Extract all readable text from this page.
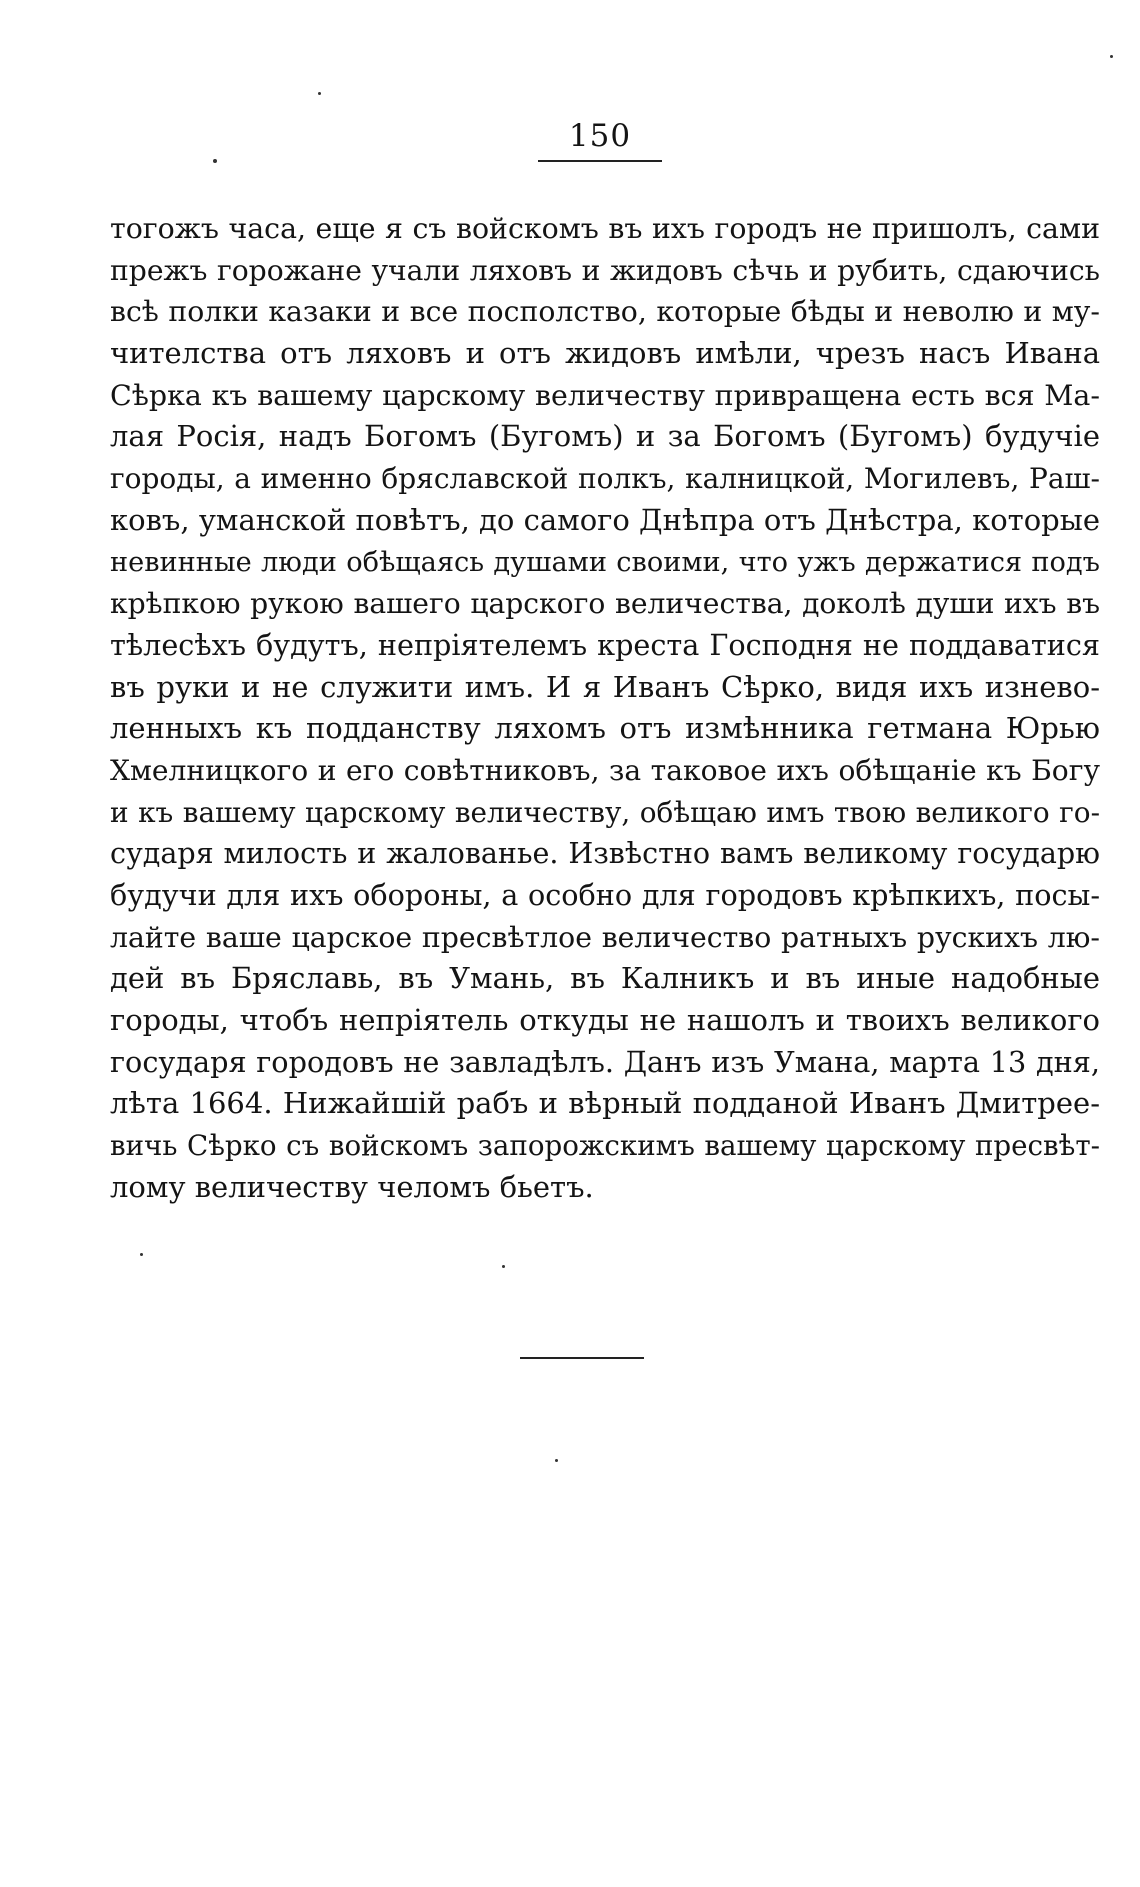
150
тогожъ часа, еще я съ войскомъ въ ихъ городъ не пришолъ, сами
прежъ горожане учали ляховъ и жидовъ сѣчь и рубить, сдаючись
всѣ полки казаки и все посполство, которые бѣды и неволю и му-
чителства отъ ляховъ и отъ жидовъ имѣли, чрезъ насъ Ивана
Сѣрка къ вашему царскому величеству привращена есть вся Ма-
лая Росія, надъ Богомъ (Бугомъ) и за Богомъ (Бугомъ) будучіе
городы, а именно бряславской полкъ, калницкой, Могилевъ, Раш-
ковъ, уманской повѣтъ, до самого Днѣпра отъ Днѣстра, которые
невинные люди обѣщаясь душами своими, что ужъ держатися подъ
крѣпкою рукою вашего царского величества, доколѣ души ихъ въ
тѣлесѣхъ будутъ, непріятелемъ креста Господня не поддаватися
въ руки и не служити имъ. И я Иванъ Сѣрко, видя ихъ изнево-
ленныхъ къ подданству ляхомъ отъ измѣнника гетмана Юрью
Хмелницкого и его совѣтниковъ, за таковое ихъ обѣщаніе къ Богу
и къ вашему царскому величеству, обѣщаю имъ твою великого го-
сударя милость и жалованье. Извѣстно вамъ великому государю
будучи для ихъ обороны, а особно для городовъ крѣпкихъ, посы-
лайте ваше царское пресвѣтлое величество ратныхъ рускихъ лю-
дей въ Бряславь, въ Умань, въ Калникъ и въ иные надобные
городы, чтобъ непріятель откуды не нашолъ и твоихъ великого
государя городовъ не завладѣлъ. Данъ изъ Умана, марта 13 дня,
лѣта 1664. Нижайшій рабъ и вѣрный подданой Иванъ Дмитрее-
вичь Сѣрко съ войскомъ запорожскимъ вашему царскому пресвѣт-
лому величеству челомъ бьетъ.
